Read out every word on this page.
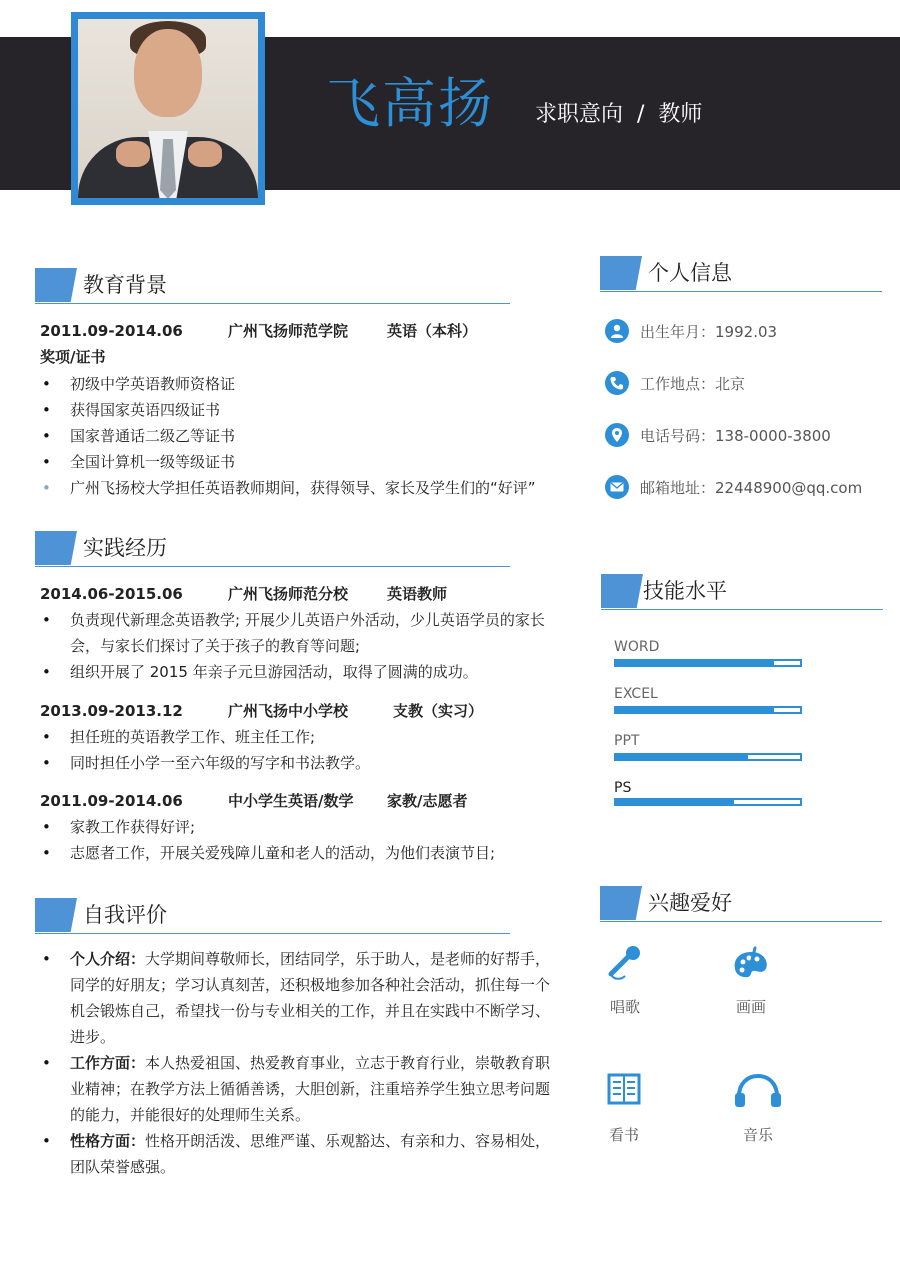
飞高扬 求职意向  /  教师
教育背景
2011.09-2014.06	广州飞扬师范学院	英语（本科）
奖项/证书
• 初级中学英语教师资格证
• 获得国家英语四级证书
• 国家普通话二级乙等证书
• 全国计算机一级等级证书
• 广州飞扬校大学担任英语教师期间，获得领导、家长及学生们的“好评”
实践经历
2014.06-2015.06	广州飞扬师范分校	英语教师
• 负责现代新理念英语教学; 开展少儿英语户外活动，少儿英语学员的家长会，与家长们探讨了关于孩子的教育等问题;
• 组织开展了 2015 年亲子元旦游园活动，取得了圆满的成功。
2013.09-2013.12	广州飞扬中小学校	支教（实习）
• 担任班的英语教学工作、班主任工作;
• 同时担任小学一至六年级的写字和书法教学。
2011.09-2014.06	中小学生英语/数学 家教/志愿者
• 家教工作获得好评;
• 志愿者工作，开展关爱残障儿童和老人的活动，为他们表演节目;
自我评价
• 个人介绍：大学期间尊敬师长，团结同学，乐于助人，是老师的好帮手，同学的好朋友；学习认真刻苦，还积极地参加各种社会活动，抓住每一个机会锻炼自己，希望找一份与专业相关的工作，并且在实践中不断学习、进步。
• 工作方面：本人热爱祖国、热爱教育事业，立志于教育行业，崇敬教育职业精神；在教学方法上循循善诱，大胆创新，注重培养学生独立思考问题的能力，并能很好的处理师生关系。
• 性格方面：性格开朗活泼、思维严谨、乐观豁达、有亲和力、容易相处，团队荣誉感强。
个人信息
出生年月：1992.03
工作地点：北京
电话号码：138-0000-3800
邮箱地址：22448900@qq.com
技能水平
WORD
EXCEL
PPT
PS
兴趣爱好
唱歌	画画
看书	音乐
